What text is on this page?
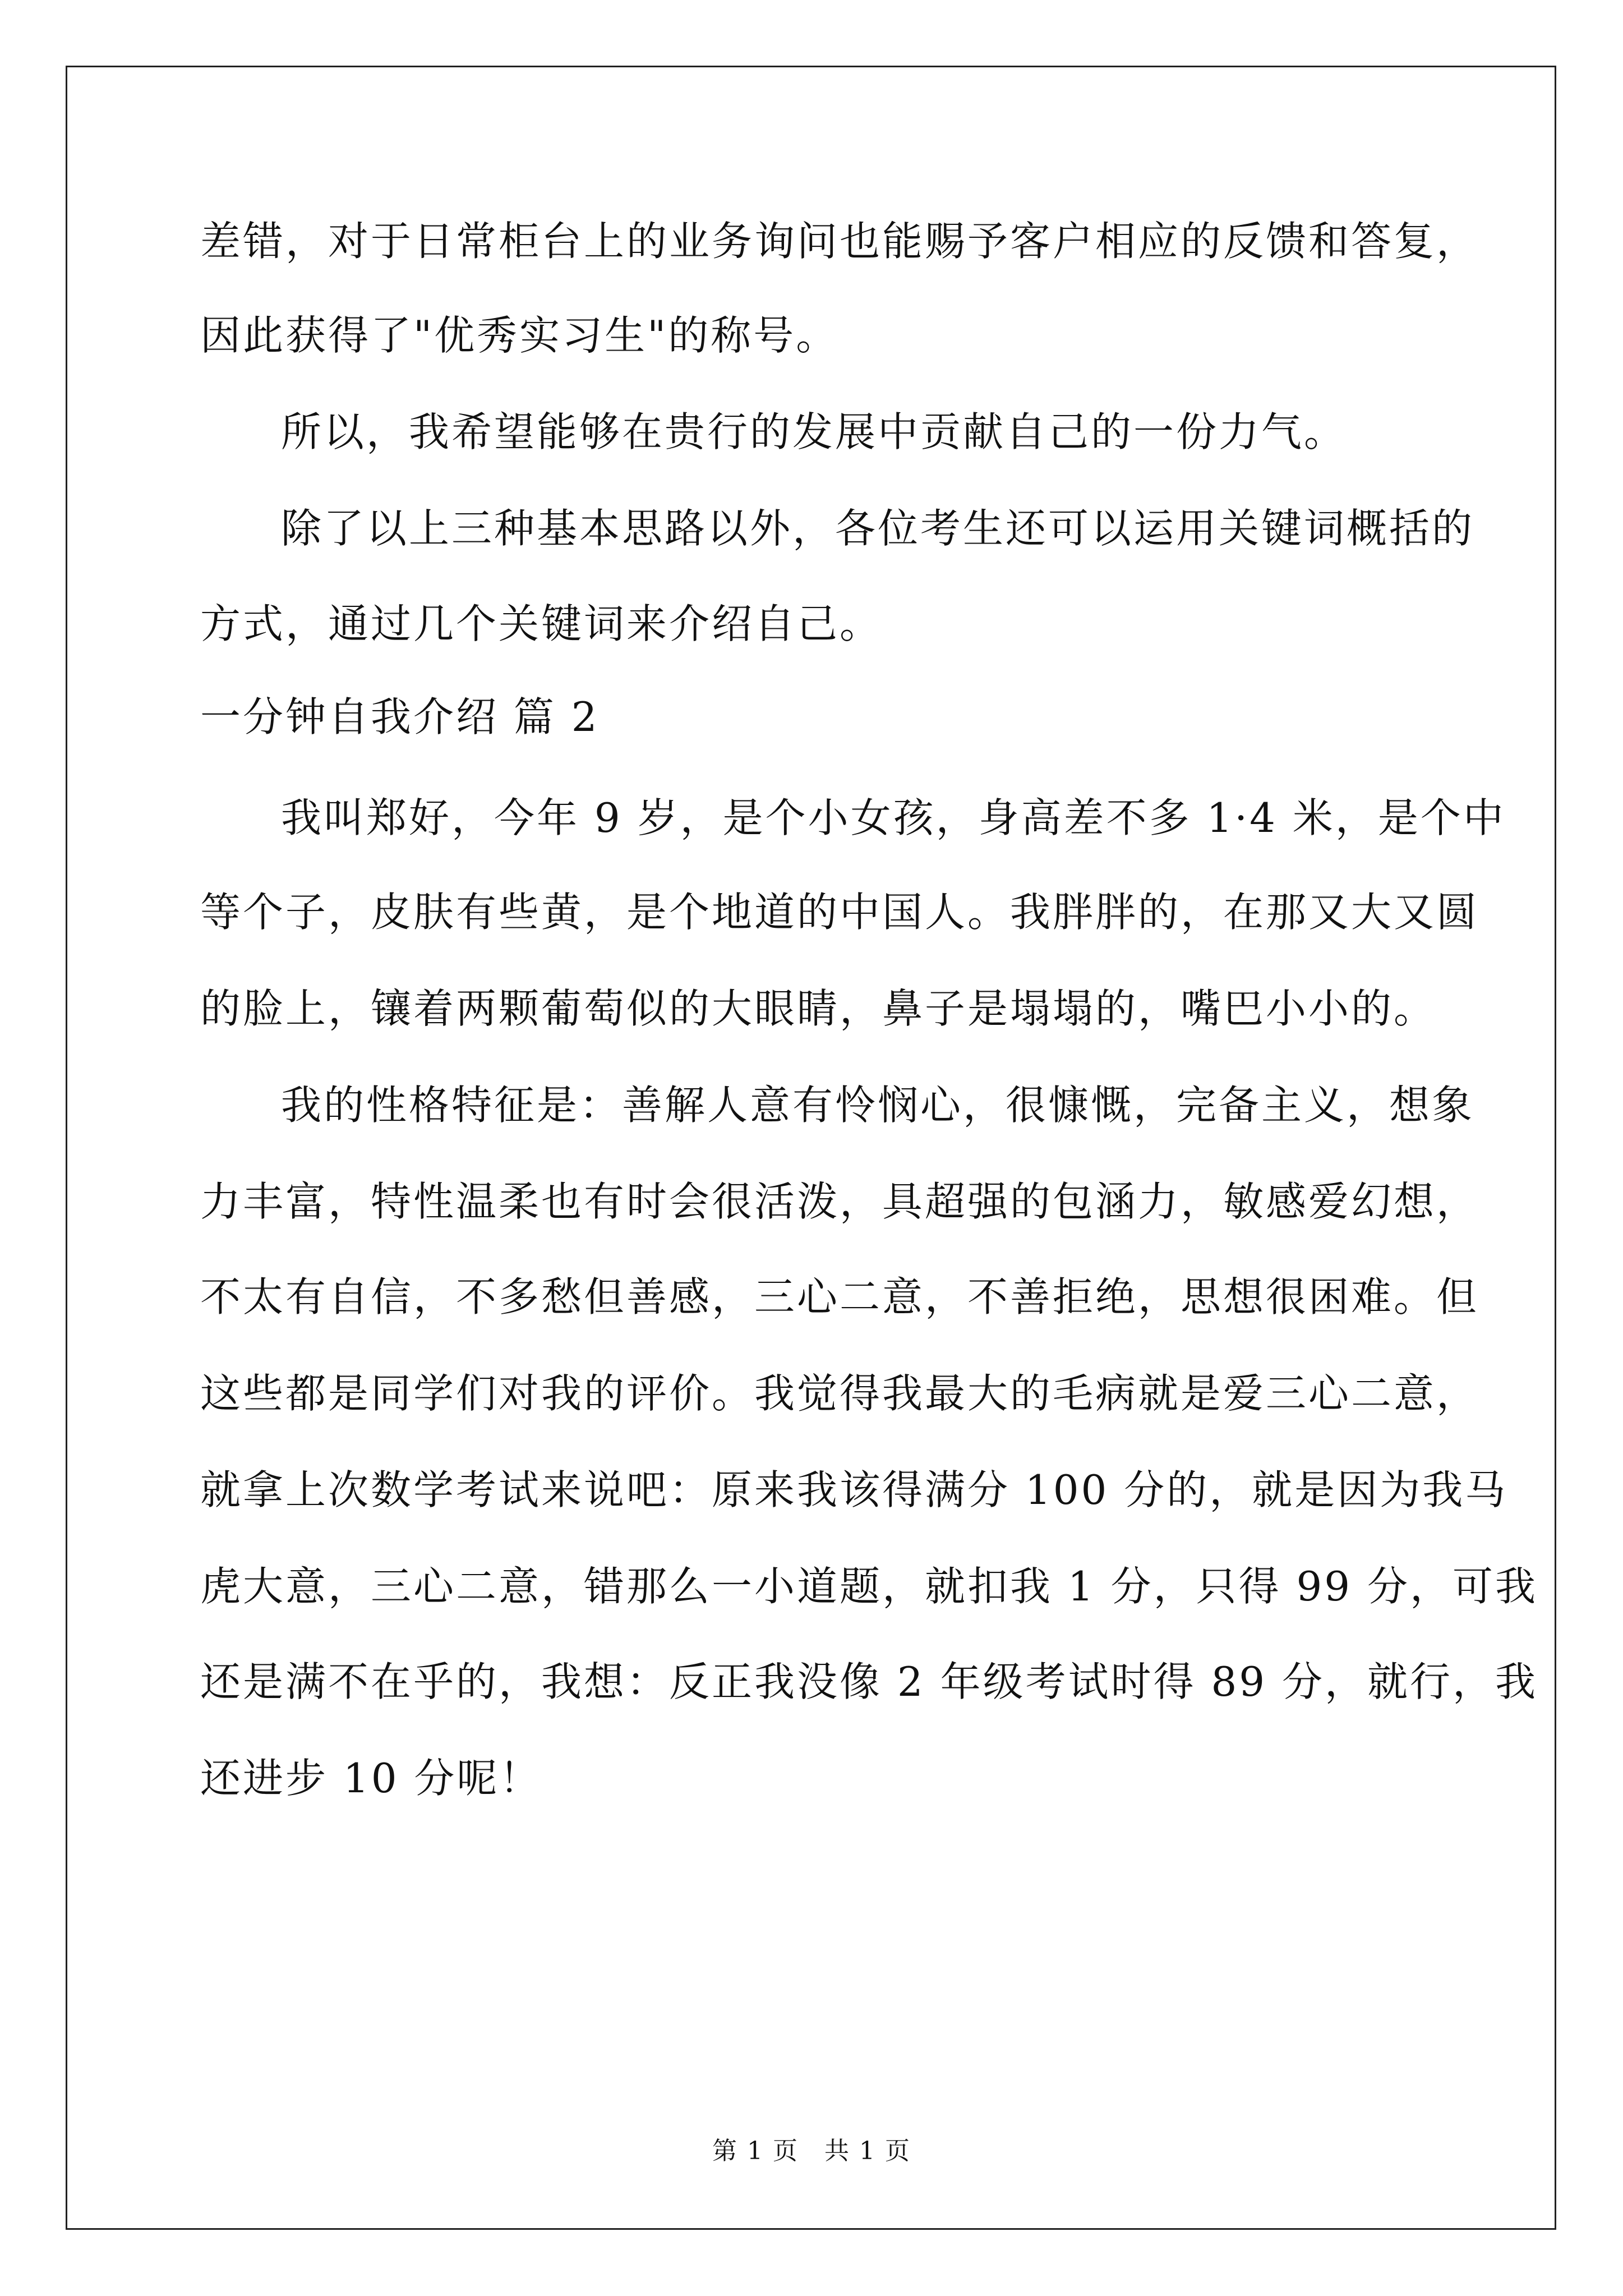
差错，对于日常柜台上的业务询问也能赐予客户相应的反馈和答复，
因此获得了"优秀实习生"的称号。
所以，我希望能够在贵行的发展中贡献自己的一份力气。
除了以上三种基本思路以外，各位考生还可以运用关键词概括的
方式，通过几个关键词来介绍自己。
一分钟自我介绍 篇 2
我叫郑好，今年 9 岁，是个小女孩，身高差不多 1·4 米，是个中
等个子，皮肤有些黄，是个地道的中国人。我胖胖的，在那又大又圆
的脸上，镶着两颗葡萄似的大眼睛，鼻子是塌塌的，嘴巴小小的。
我的性格特征是：善解人意有怜悯心，很慷慨，完备主义，想象
力丰富，特性温柔也有时会很活泼，具超强的包涵力，敏感爱幻想，
不太有自信，不多愁但善感，三心二意，不善拒绝，思想很困难。但
这些都是同学们对我的评价。我觉得我最大的毛病就是爱三心二意，
就拿上次数学考试来说吧：原来我该得满分 100 分的，就是因为我马
虎大意，三心二意，错那么一小道题，就扣我 1 分，只得 99 分，可我
还是满不在乎的，我想：反正我没像 2 年级考试时得 89 分，就行，我
还进步 10 分呢！
第 1 页　共 1 页
